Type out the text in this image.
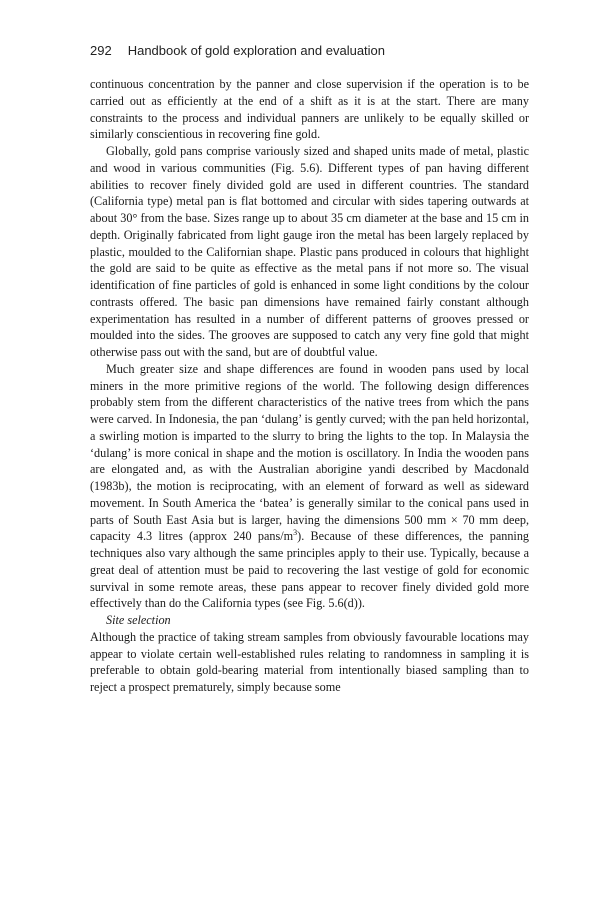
292 Handbook of gold exploration and evaluation

continuous concentration by the panner and close supervision if the operation is to be carried out as efficiently at the end of a shift as it is at the start. There are many constraints to the process and individual panners are unlikely to be equally skilled or similarly conscientious in recovering fine gold.

Globally, gold pans comprise variously sized and shaped units made of metal, plastic and wood in various communities (Fig. 5.6). Different types of pan having different abilities to recover finely divided gold are used in different countries. The standard (California type) metal pan is flat bottomed and circular with sides tapering outwards at about 30° from the base. Sizes range up to about 35 cm diameter at the base and 15 cm in depth. Originally fabricated from light gauge iron the metal has been largely replaced by plastic, moulded to the Californian shape. Plastic pans produced in colours that highlight the gold are said to be quite as effective as the metal pans if not more so. The visual identification of fine particles of gold is enhanced in some light conditions by the colour contrasts offered. The basic pan dimensions have remained fairly constant although experimentation has resulted in a number of different patterns of grooves pressed or moulded into the sides. The grooves are supposed to catch any very fine gold that might otherwise pass out with the sand, but are of doubtful value.

Much greater size and shape differences are found in wooden pans used by local miners in the more primitive regions of the world. The following design differences probably stem from the different characteristics of the native trees from which the pans were carved. In Indonesia, the pan ‘dulang’ is gently curved; with the pan held horizontal, a swirling motion is imparted to the slurry to bring the lights to the top. In Malaysia the ‘dulang’ is more conical in shape and the motion is oscillatory. In India the wooden pans are elongated and, as with the Australian aborigine yandi described by Macdonald (1983b), the motion is reciprocating, with an element of forward as well as sideward movement. In South America the ‘batea’ is generally similar to the conical pans used in parts of South East Asia but is larger, having the dimensions 500 mm × 70 mm deep, capacity 4.3 litres (approx 240 pans/$m^3$). Because of these differences, the panning techniques also vary although the same principles apply to their use. Typically, because a great deal of attention must be paid to recovering the last vestige of gold for economic survival in some remote areas, these pans appear to recover finely divided gold more effectively than do the California types (see Fig. 5.6(d)).

Site selection

Although the practice of taking stream samples from obviously favourable locations may appear to violate certain well-established rules relating to randomness in sampling it is preferable to obtain gold-bearing material from intentionally biased sampling than to reject a prospect prematurely, simply because some
